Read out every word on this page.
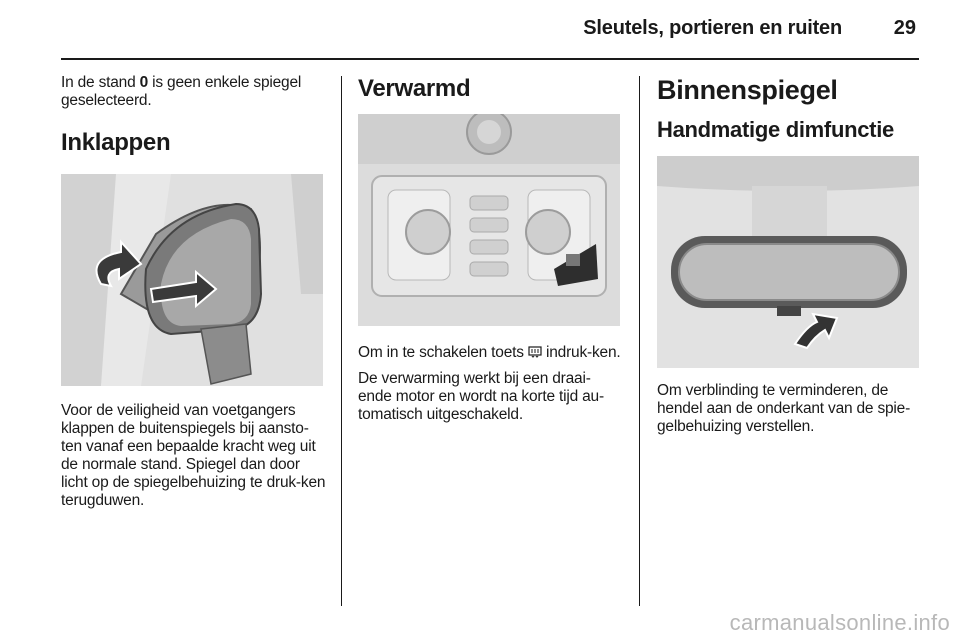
Sleutels, portieren en ruiten	29

In de stand 0 is geen enkele spiegel geselecteerd.

Inklappen

Voor de veiligheid van voetgangers klappen de buitenspiegels bij aansto-ten vanaf een bepaalde kracht weg uit de normale stand. Spiegel dan door licht op de spiegelbehuizing te druk-ken terugduwen.

Verwarmd

Om in te schakelen toets  indruk-ken.

De verwarming werkt bij een draai-ende motor en wordt na korte tijd au-tomatisch uitgeschakeld.

Binnenspiegel
Handmatige dimfunctie

Om verblinding te verminderen, de hendel aan de onderkant van de spie-gelbehuizing verstellen.

carmanualsonline.info
